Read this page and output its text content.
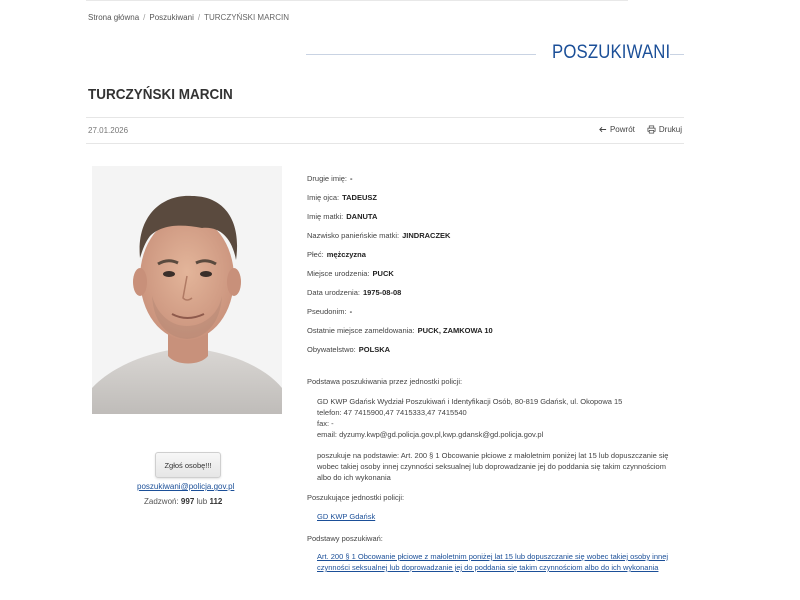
Strona główna / Poszukiwani / TURCZYŃSKI MARCIN
POSZUKIWANI
TURCZYŃSKI MARCIN
27.01.2026	Powrót	Drukuj
Zgłoś osobę!!!
poszukiwani@policja.gov.pl
Zadzwoń: 997 lub 112
Drugie imię: -
Imię ojca: TADEUSZ
Imię matki: DANUTA
Nazwisko panieńskie matki: JINDRACZEK
Płeć: mężczyzna
Miejsce urodzenia: PUCK
Data urodzenia: 1975-08-08
Pseudonim: -
Ostatnie miejsce zameldowania: PUCK, ZAMKOWA 10
Obywatelstwo: POLSKA
Podstawa poszukiwania przez jednostki policji:
GD KWP Gdańsk Wydział Poszukiwań i Identyfikacji Osób, 80-819 Gdańsk, ul. Okopowa 15
telefon: 47 7415900,47 7415333,47 7415540
fax: -
email: dyzumy.kwp@gd.policja.gov.pl,kwp.gdansk@gd.policja.gov.pl
poszukuje na podstawie: Art. 200 § 1 Obcowanie płciowe z małoletnim poniżej lat 15 lub dopuszczanie się wobec takiej osoby innej czynności seksualnej lub doprowadzanie jej do poddania się takim czynnościom albo do ich wykonania
Poszukujące jednostki policji:
GD KWP Gdańsk
Podstawy poszukiwań:
Art. 200 § 1 Obcowanie płciowe z małoletnim poniżej lat 15 lub dopuszczanie się wobec takiej osoby innej czynności seksualnej lub doprowadzanie jej do poddania się takim czynnościom albo do ich wykonania
